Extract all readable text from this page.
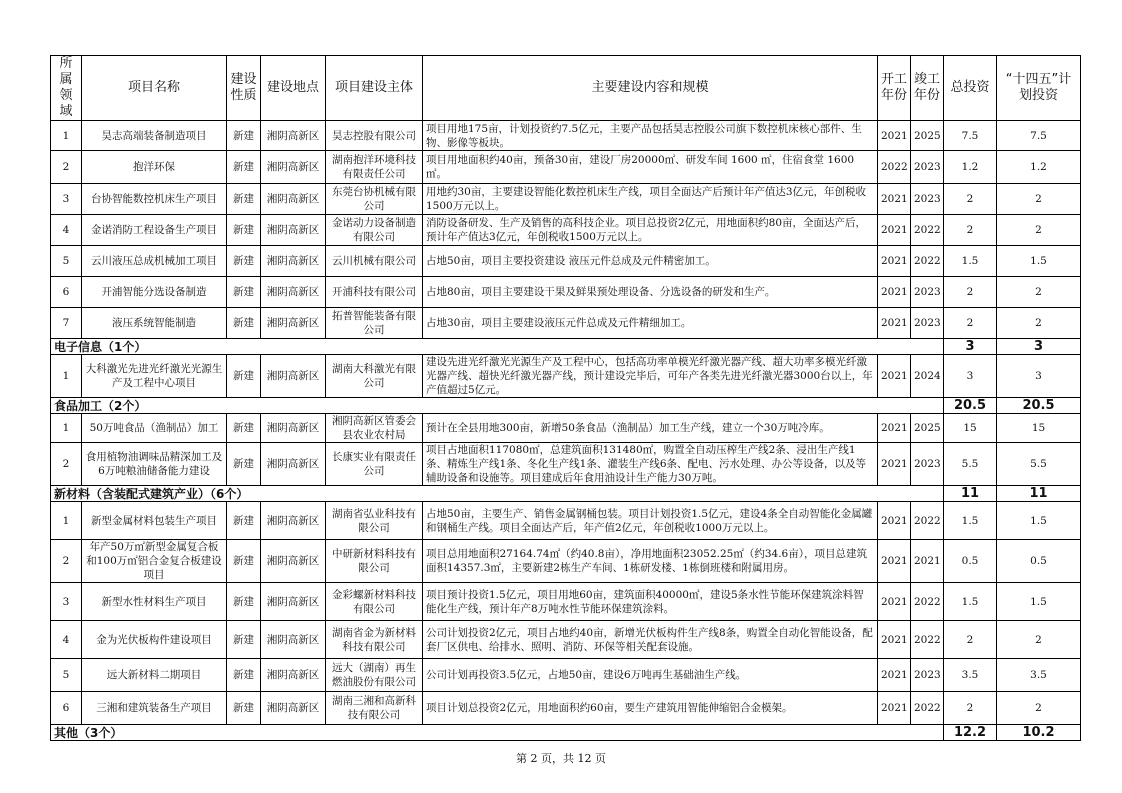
所属领域	项目名称	建设性质	建设地点	项目建设主体	主要建设内容和规模	开工年份	竣工年份	总投资	“十四五”计划投资
1	昊志高端装备制造项目	新建	湘阴高新区	昊志控股有限公司	项目用地175亩，计划投资约7.5亿元，主要产品包括昊志控股公司旗下数控机床核心部件、生物、影像等板块。	2021	2025	7.5	7.5
2	抱洋环保	新建	湘阴高新区	湖南抱洋环境科技有限责任公司	项目用地面积约40亩，预备30亩，建设厂房20000㎡、研发车间 1600 ㎡，住宿食堂 1600 ㎡。	2022	2023	1.2	1.2
3	台协智能数控机床生产项目	新建	湘阴高新区	东莞台协机械有限公司	用地约30亩，主要建设智能化数控机床生产线，项目全面达产后预计年产值达3亿元，年创税收1500万元以上。	2021	2023	2	2
4	金诺消防工程设备生产项目	新建	湘阴高新区	金诺动力设备制造有限公司	消防设备研发、生产及销售的高科技企业。项目总投资2亿元，用地面积约80亩，全面达产后，预计年产值达3亿元，年创税收1500万元以上。	2021	2022	2	2
5	云川液压总成机械加工项目	新建	湘阴高新区	云川机械有限公司	占地50亩，项目主要投资建设 液压元件总成及元件精密加工。	2021	2022	1.5	1.5
6	开浦智能分选设备制造	新建	湘阴高新区	开浦科技有限公司	占地80亩，项目主要建设干果及鲜果预处理设备、分选设备的研发和生产。	2021	2023	2	2
7	液压系统智能制造	新建	湘阴高新区	拓普智能装备有限公司	占地30亩，项目主要建设液压元件总成及元件精细加工。	2021	2023	2	2
电子信息（1个）								3	3
1	大科激光先进光纤激光光源生产及工程中心项目	新建	湘阴高新区	湖南大科激光有限公司	建设先进光纤激光光源生产及工程中心，包括高功率单模光纤激光器产线、超大功率多模光纤激光器产线、超快光纤激光器产线，预计建设完毕后，可年产各类先进光纤激光器3000台以上，年产值超过5亿元。	2021	2024	3	3
食品加工（2个）								20.5	20.5
1	50万吨食品（渔制品）加工	新建	湘阴高新区	湘阴高新区管委会县农业农村局	预计在全县用地300亩，新增50条食品（渔制品）加工生产线，建立一个30万吨冷库。	2021	2025	15	15
2	食用植物油调味品精深加工及6万吨粮油储备能力建设	新建	湘阴高新区	长康实业有限责任公司	项目占地面积117080㎡，总建筑面积131480㎡，购置全自动压榨生产线2条、浸出生产线1条、精炼生产线1条、冬化生产线1条、灌装生产线6条、配电、污水处理、办公等设备，以及等辅助设备和设施等。项目建成后年食用油设计生产能力30万吨。	2021	2023	5.5	5.5
新材料（含装配式建筑产业）（6个）								11	11
1	新型金属材料包装生产项目	新建	湘阴高新区	湖南省弘业科技有限公司	占地50亩，主要生产、销售金属钢桶包装。项目计划投资1.5亿元，建设4条全自动智能化金属罐和钢桶生产线。项目全面达产后，年产值2亿元，年创税收1000万元以上。	2021	2022	1.5	1.5
2	年产50万㎡新型金属复合板和100万㎡铝合金复合板建设项目	新建	湘阴高新区	中研新材料科技有限公司	项目总用地面积27164.74㎡（约40.8亩），净用地面积23052.25㎡（约34.6亩），项目总建筑面积14357.3㎡，主要新建2栋生产车间、1栋研发楼、1栋倒班楼和附属用房。	2021	2021	0.5	0.5
3	新型水性材料生产项目	新建	湘阴高新区	金彩螺新材料科技有限公司	项目预计投资1.5亿元，项目用地60亩，建筑面积40000㎡，建设5条水性节能环保建筑涂料智能化生产线，预计年产8万吨水性节能环保建筑涂料。	2021	2022	1.5	1.5
4	金为光伏板构件建设项目	新建	湘阴高新区	湖南省金为新材料科技有限公司	公司计划投资2亿元，项目占地约40亩，新增光伏板构件生产线8条，购置全自动化智能设备，配套厂区供电、给排水、照明、消防、环保等相关配套设施。	2021	2022	2	2
5	远大新材料二期项目	新建	湘阴高新区	远大（湖南）再生燃油股份有限公司	公司计划再投资3.5亿元，占地50亩，建设6万吨再生基础油生产线。	2021	2023	3.5	3.5
6	三湘和建筑装备生产项目	新建	湘阴高新区	湖南三湘和高新科技有限公司	项目计划总投资2亿元，用地面积约60亩，要生产建筑用智能伸缩铝合金模架。	2021	2022	2	2
其他（3个）								12.2	10.2
第 2 页，共 12 页
